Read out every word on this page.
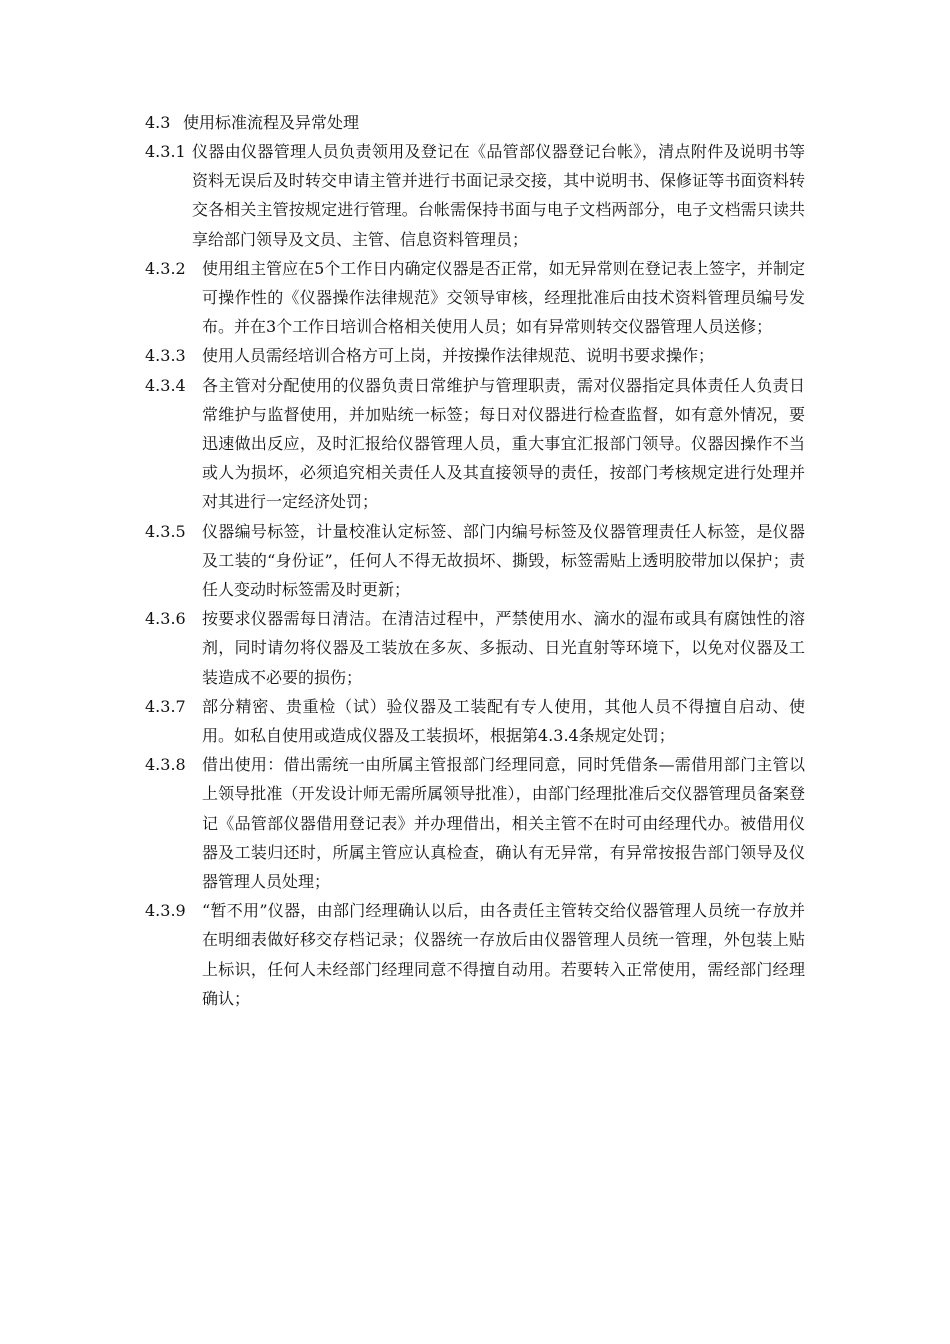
4.3 使用标准流程及异常处理
4.3.1 仪器由仪器管理人员负责领用及登记在《品管部仪器登记台帐》，清点附件及说明书等资料无误后及时转交申请主管并进行书面记录交接，其中说明书、保修证等书面资料转交各相关主管按规定进行管理。台帐需保持书面与电子文档两部分，电子文档需只读共享给部门领导及文员、主管、信息资料管理员；
4.3.2 使用组主管应在5个工作日内确定仪器是否正常，如无异常则在登记表上签字，并制定可操作性的《仪器操作法律规范》交领导审核，经理批准后由技术资料管理员编号发布。并在3个工作日培训合格相关使用人员；如有异常则转交仪器管理人员送修；
4.3.3 使用人员需经培训合格方可上岗，并按操作法律规范、说明书要求操作；
4.3.4 各主管对分配使用的仪器负责日常维护与管理职责，需对仪器指定具体责任人负责日常维护与监督使用，并加贴统一标签；每日对仪器进行检查监督，如有意外情况，要迅速做出反应，及时汇报给仪器管理人员，重大事宜汇报部门领导。仪器因操作不当或人为损坏，必须追究相关责任人及其直接领导的责任，按部门考核规定进行处理并对其进行一定经济处罚；
4.3.5 仪器编号标签，计量校准认定标签、部门内编号标签及仪器管理责任人标签，是仪器及工装的“身份证”，任何人不得无故损坏、撕毁，标签需贴上透明胶带加以保护；责任人变动时标签需及时更新；
4.3.6 按要求仪器需每日清洁。在清洁过程中，严禁使用水、滴水的湿布或具有腐蚀性的溶剂，同时请勿将仪器及工装放在多灰、多振动、日光直射等环境下，以免对仪器及工装造成不必要的损伤；
4.3.7 部分精密、贵重检（试）验仪器及工装配有专人使用，其他人员不得擅自启动、使用。如私自使用或造成仪器及工装损坏，根据第4.3.4条规定处罚；
4.3.8 借出使用：借出需统一由所属主管报部门经理同意，同时凭借条—需借用部门主管以上领导批准（开发设计师无需所属领导批准），由部门经理批准后交仪器管理员备案登记《品管部仪器借用登记表》并办理借出，相关主管不在时可由经理代办。被借用仪器及工装归还时，所属主管应认真检查，确认有无异常，有异常按报告部门领导及仪器管理人员处理；
4.3.9 “暂不用”仪器，由部门经理确认以后，由各责任主管转交给仪器管理人员统一存放并在明细表做好移交存档记录；仪器统一存放后由仪器管理人员统一管理，外包装上贴上标识，任何人未经部门经理同意不得擅自动用。若要转入正常使用，需经部门经理确认；
